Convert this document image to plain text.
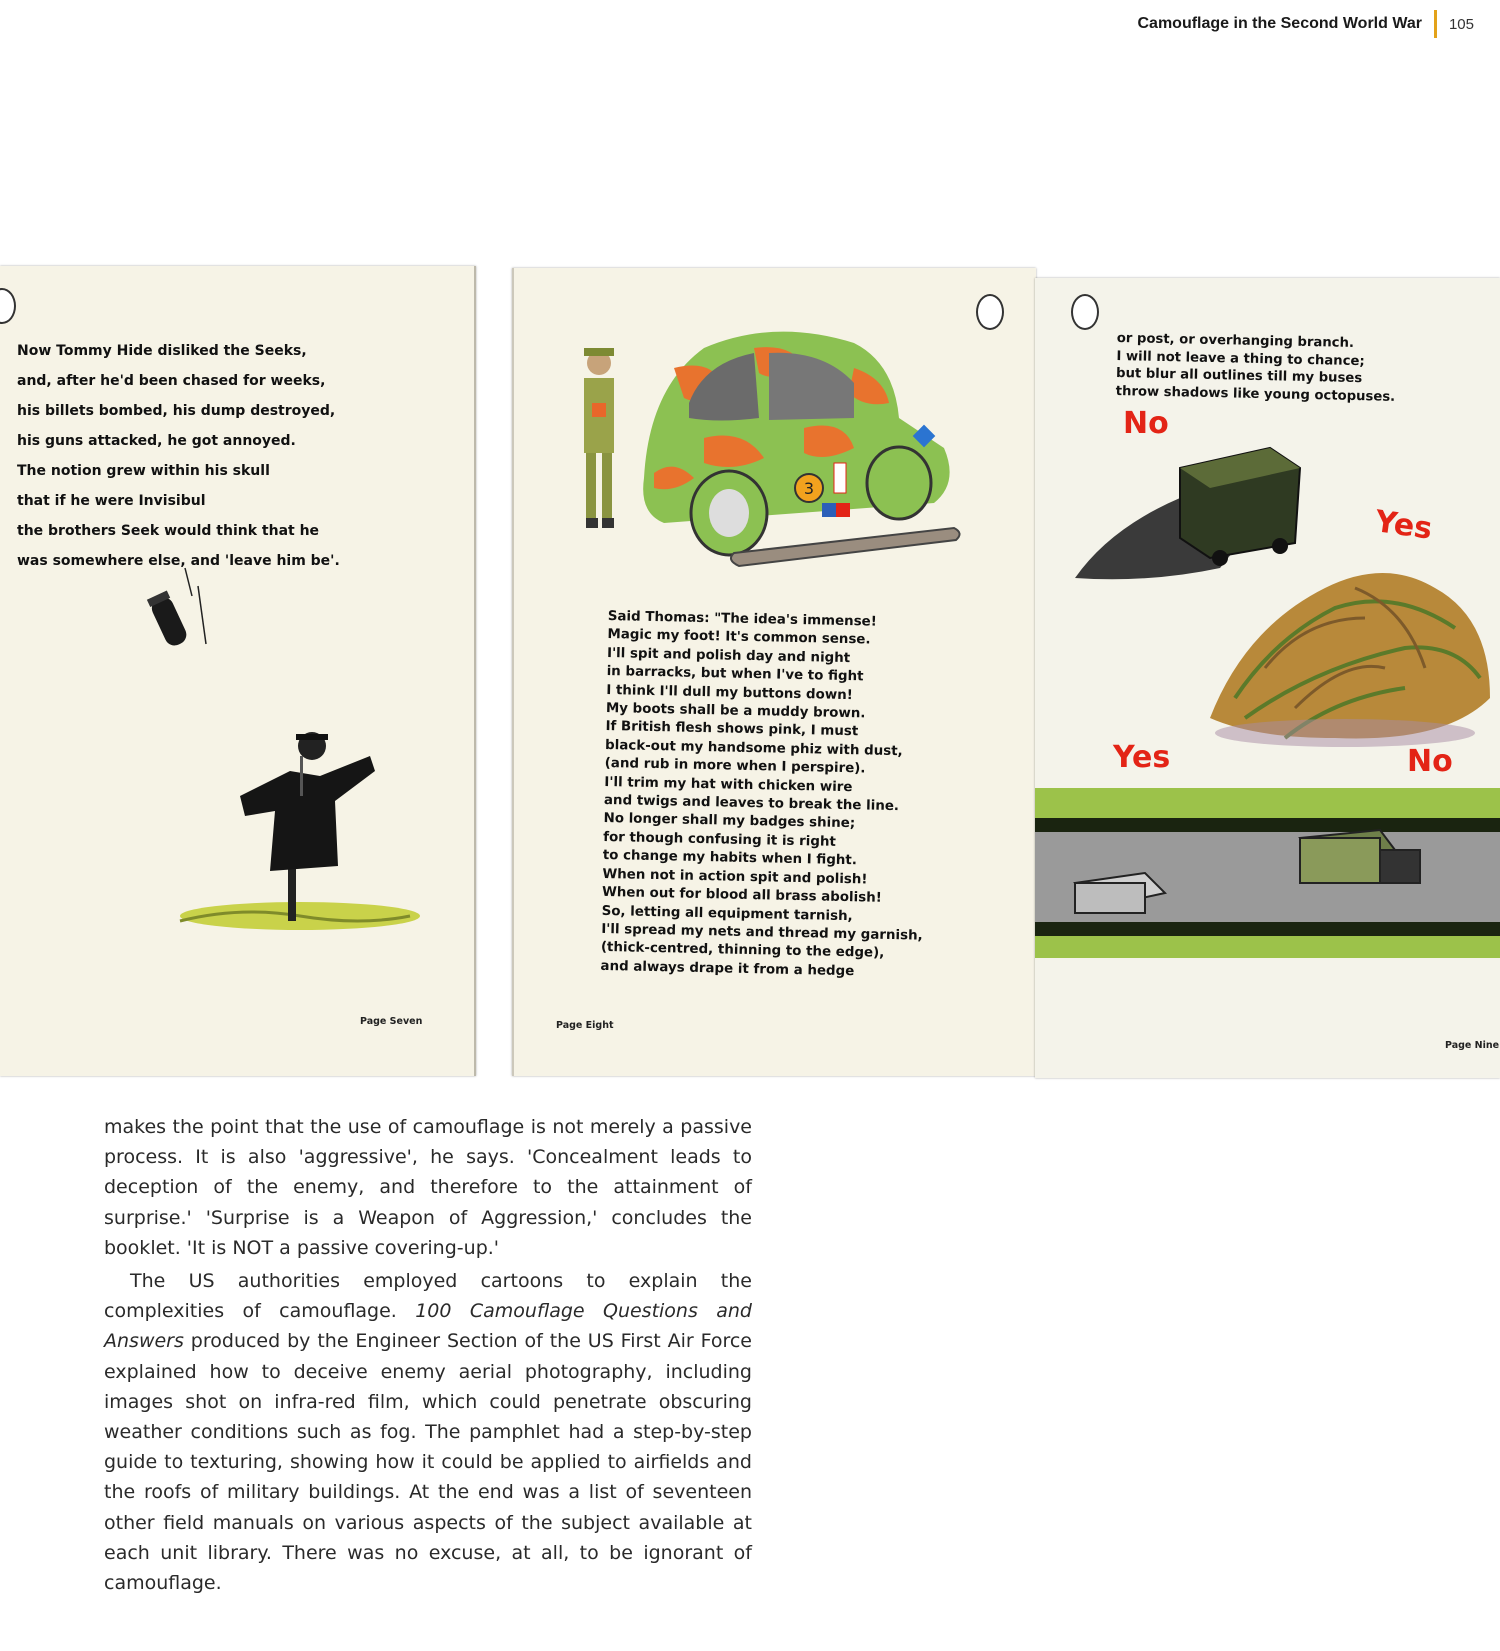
Camouflage in the Second World War 105
Now Tommy Hide disliked the Seeks,
and, after he'd been chased for weeks,
his billets bombed, his dump destroyed,
his guns attacked, he got annoyed.
The notion grew within his skull
that if he were Invisibul
the brothers Seek would think that he
was somewhere else, and 'leave him be'.
Page Seven
3
Said Thomas: "The idea's immense!
Magic my foot! It's common sense.
I'll spit and polish day and night
in barracks, but when I've to fight
I think I'll dull my buttons down!
My boots shall be a muddy brown.
If British flesh shows pink, I must
black-out my handsome phiz with dust,
(and rub in more when I perspire).
I'll trim my hat with chicken wire
and twigs and leaves to break the line.
No longer shall my badges shine;
for though confusing it is right
to change my habits when I fight.
When not in action spit and polish!
When out for blood all brass abolish!
So, letting all equipment tarnish,
I'll spread my nets and thread my garnish,
(thick-centred, thinning to the edge),
and always drape it from a hedge
Page Eight
or post, or overhanging branch.
I will not leave a thing to chance;
but blur all outlines till my buses
throw shadows like young octopuses.
No
Yes
Yes	No
Page Nine

makes the point that the use of camouflage is not merely a passive process. It is also 'aggressive', he says. 'Concealment leads to deception of the enemy, and therefore to the attainment of surprise.' 'Surprise is a Weapon of Aggression,' concludes the booklet. 'It is NOT a passive covering-up.'

The US authorities employed cartoons to explain the complexities of camouflage. 100 Camouflage Questions and Answers produced by the Engineer Section of the US First Air Force explained how to deceive enemy aerial photography, including images shot on infra-red film, which could penetrate obscuring weather conditions such as fog. The pamphlet had a step-by-step guide to texturing, showing how it could be applied to airfields and the roofs of military buildings. At the end was a list of seventeen other field manuals on various aspects of the subject available at each unit library. There was no excuse, at all, to be ignorant of camouflage.
